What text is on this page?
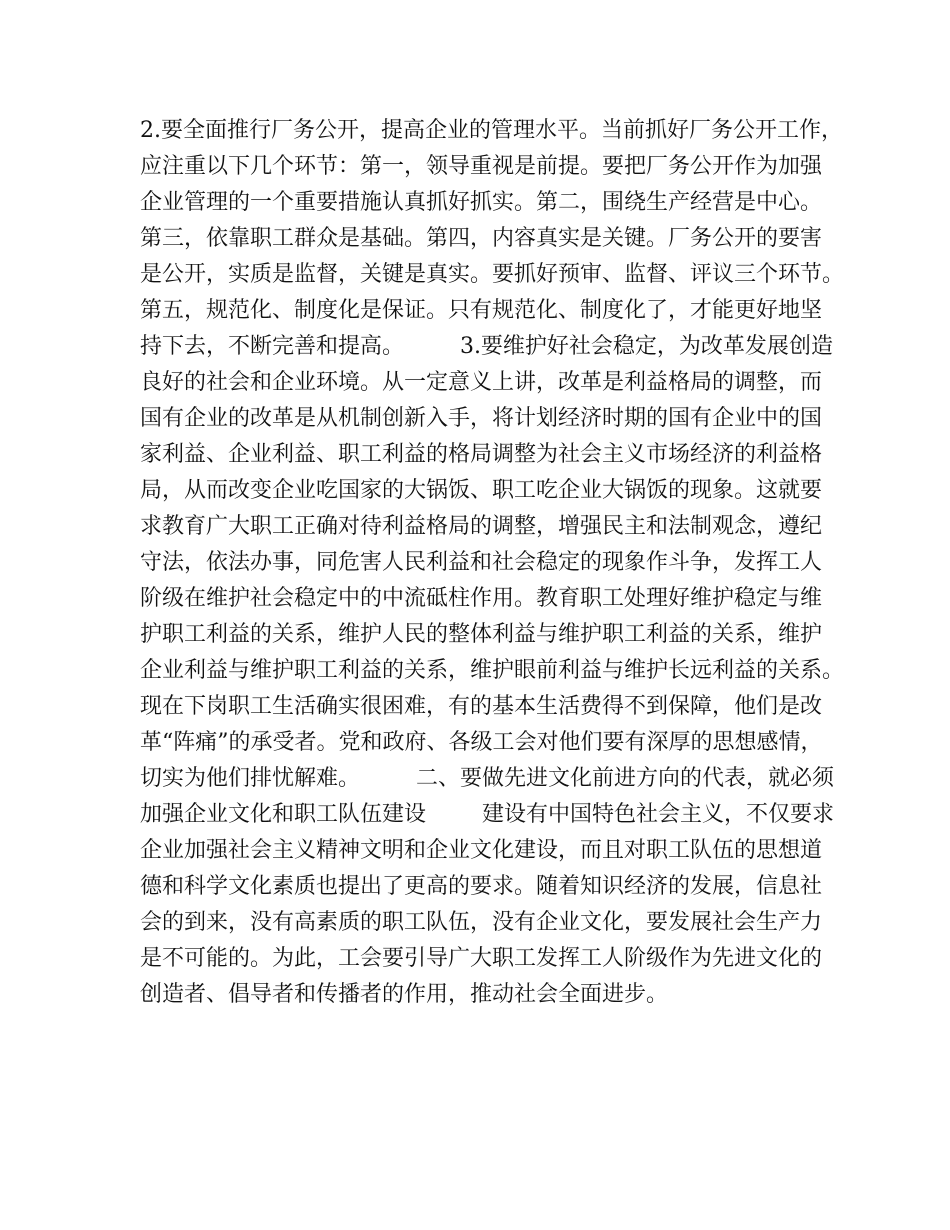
2.要全面推行厂务公开，提高企业的管理水平。当前抓好厂务公开工作，
应注重以下几个环节：第一，领导重视是前提。要把厂务公开作为加强
企业管理的一个重要措施认真抓好抓实。第二，围绕生产经营是中心。
第三，依靠职工群众是基础。第四，内容真实是关键。厂务公开的要害
是公开，实质是监督，关键是真实。要抓好预审、监督、评议三个环节。
第五，规范化、制度化是保证。只有规范化、制度化了，才能更好地坚
持下去，不断完善和提高。        3.要维护好社会稳定，为改革发展创造
良好的社会和企业环境。从一定意义上讲，改革是利益格局的调整，而
国有企业的改革是从机制创新入手，将计划经济时期的国有企业中的国
家利益、企业利益、职工利益的格局调整为社会主义市场经济的利益格
局，从而改变企业吃国家的大锅饭、职工吃企业大锅饭的现象。这就要
求教育广大职工正确对待利益格局的调整，增强民主和法制观念，遵纪
守法，依法办事，同危害人民利益和社会稳定的现象作斗争，发挥工人
阶级在维护社会稳定中的中流砥柱作用。教育职工处理好维护稳定与维
护职工利益的关系，维护人民的整体利益与维护职工利益的关系，维护
企业利益与维护职工利益的关系，维护眼前利益与维护长远利益的关系。
现在下岗职工生活确实很困难，有的基本生活费得不到保障，他们是改
革“阵痛”的承受者。党和政府、各级工会对他们要有深厚的思想感情，
切实为他们排忧解难。        二、要做先进文化前进方向的代表，就必须
加强企业文化和职工队伍建设        建设有中国特色社会主义，不仅要求
企业加强社会主义精神文明和企业文化建设，而且对职工队伍的思想道
德和科学文化素质也提出了更高的要求。随着知识经济的发展，信息社
会的到来，没有高素质的职工队伍，没有企业文化，要发展社会生产力
是不可能的。为此，工会要引导广大职工发挥工人阶级作为先进文化的
创造者、倡导者和传播者的作用，推动社会全面进步。
